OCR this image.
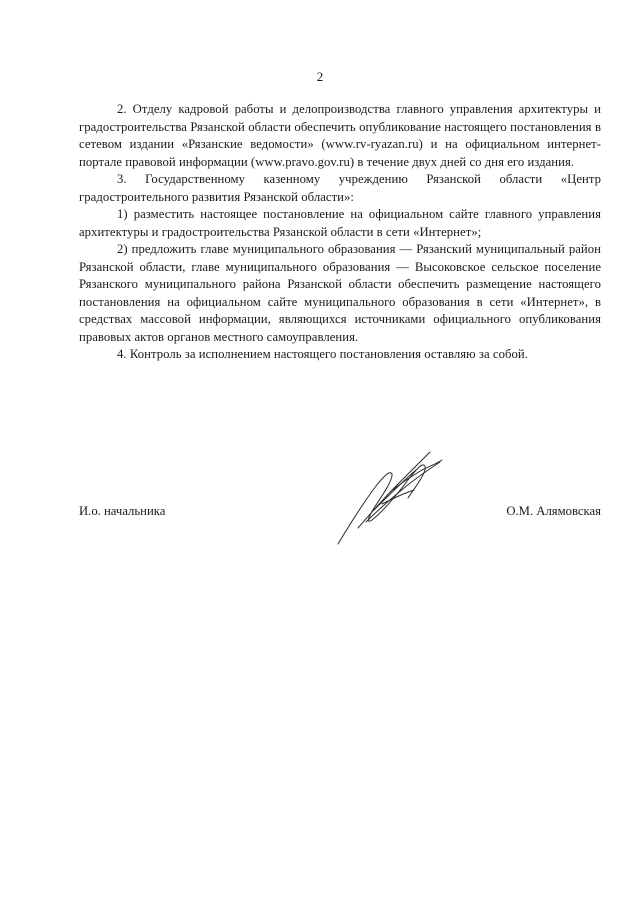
2

2. Отделу кадровой работы и делопроизводства главного управления архитектуры и градостроительства Рязанской области обеспечить опубликование настоящего постановления в сетевом издании «Рязанские ведомости» (www.rv-ryazan.ru) и на официальном интернет-портале правовой информации (www.pravo.gov.ru) в течение двух дней со дня его издания.

3. Государственному казенному учреждению Рязанской области «Центр градостроительного развития Рязанской области»:

1) разместить настоящее постановление на официальном сайте главного управления архитектуры и градостроительства Рязанской области в сети «Интернет»;

2) предложить главе муниципального образования — Рязанский муниципальный район Рязанской области, главе муниципального образования — Высоковское сельское поселение Рязанского муниципального района Рязанской области обеспечить размещение настоящего постановления на официальном сайте муниципального образования в сети «Интернет», в средствах массовой информации, являющихся источниками официального опубликования правовых актов органов местного самоуправления.

4. Контроль за исполнением настоящего постановления оставляю за собой.

И.о. начальника	О.М. Алямовская
